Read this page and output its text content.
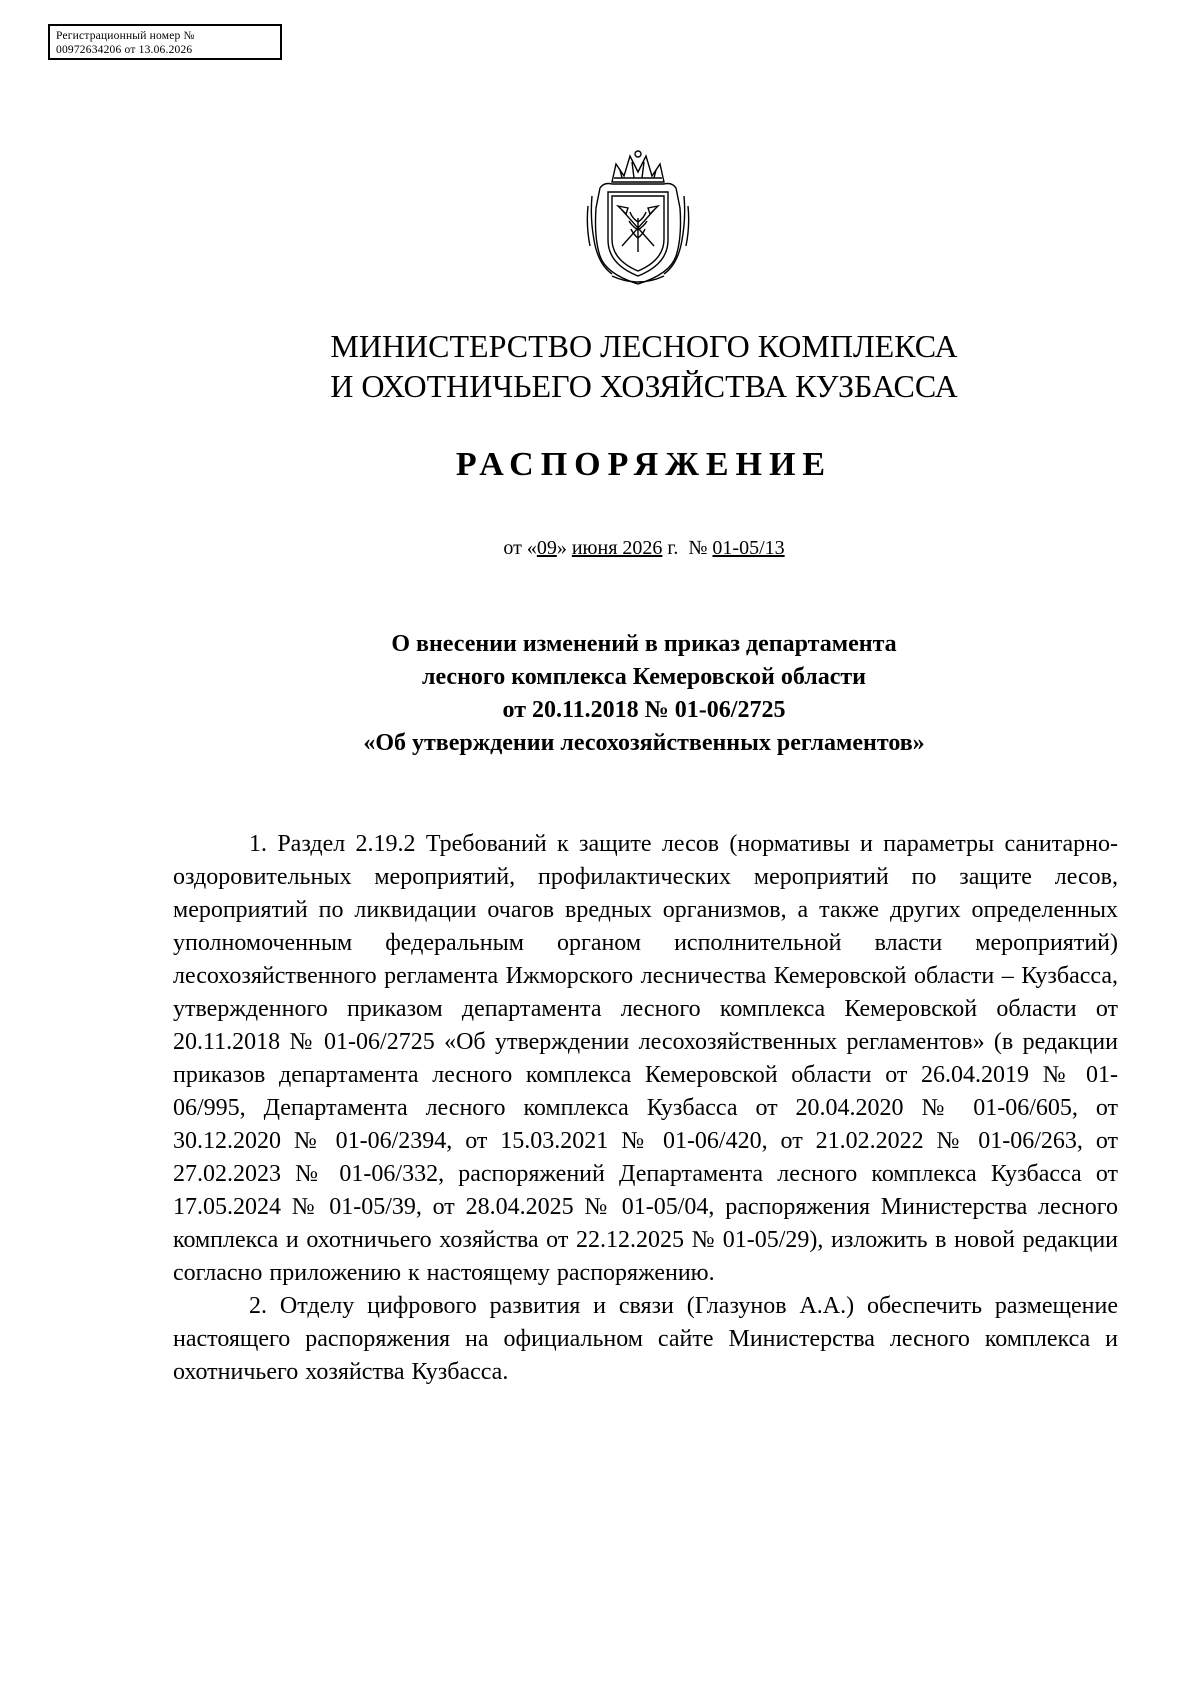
Регистрационный номер №
00972634206 от 13.06.2026
МИНИСТЕРСТВО ЛЕСНОГО КОМПЛЕКСА
И ОХОТНИЧЬЕГО ХОЗЯЙСТВА КУЗБАССА
РАСПОРЯЖЕНИЕ
от «09» июня 2026 г.  № 01-05/13
О внесении изменений в приказ департамента
лесного комплекса Кемеровской области
от 20.11.2018 № 01-06/2725
«Об утверждении лесохозяйственных регламентов»

1. Раздел 2.19.2 Требований к защите лесов (нормативы и параметры санитарно-оздоровительных мероприятий, профилактических мероприятий по защите лесов, мероприятий по ликвидации очагов вредных организмов, а также других определенных уполномоченным федеральным органом исполнительной власти мероприятий) лесохозяйственного регламента Ижморского лесничества Кемеровской области – Кузбасса, утвержденного приказом департамента лесного комплекса Кемеровской области от 20.11.2018 № 01-06/2725 «Об утверждении лесохозяйственных регламентов» (в редакции приказов департамента лесного комплекса Кемеровской области от 26.04.2019 № 01-06/995, Департамента лесного комплекса Кузбасса от 20.04.2020 № 01-06/605, от 30.12.2020 № 01-06/2394, от 15.03.2021 № 01-06/420, от 21.02.2022 № 01-06/263, от 27.02.2023 № 01-06/332, распоряжений Департамента лесного комплекса Кузбасса от 17.05.2024 № 01-05/39, от 28.04.2025 № 01-05/04, распоряжения Министерства лесного комплекса и охотничьего хозяйства от 22.12.2025 № 01-05/29), изложить в новой редакции согласно приложению к настоящему распоряжению.

2. Отделу цифрового развития и связи (Глазунов А.А.) обеспечить размещение настоящего распоряжения на официальном сайте Министерства лесного комплекса и охотничьего хозяйства Кузбасса.
